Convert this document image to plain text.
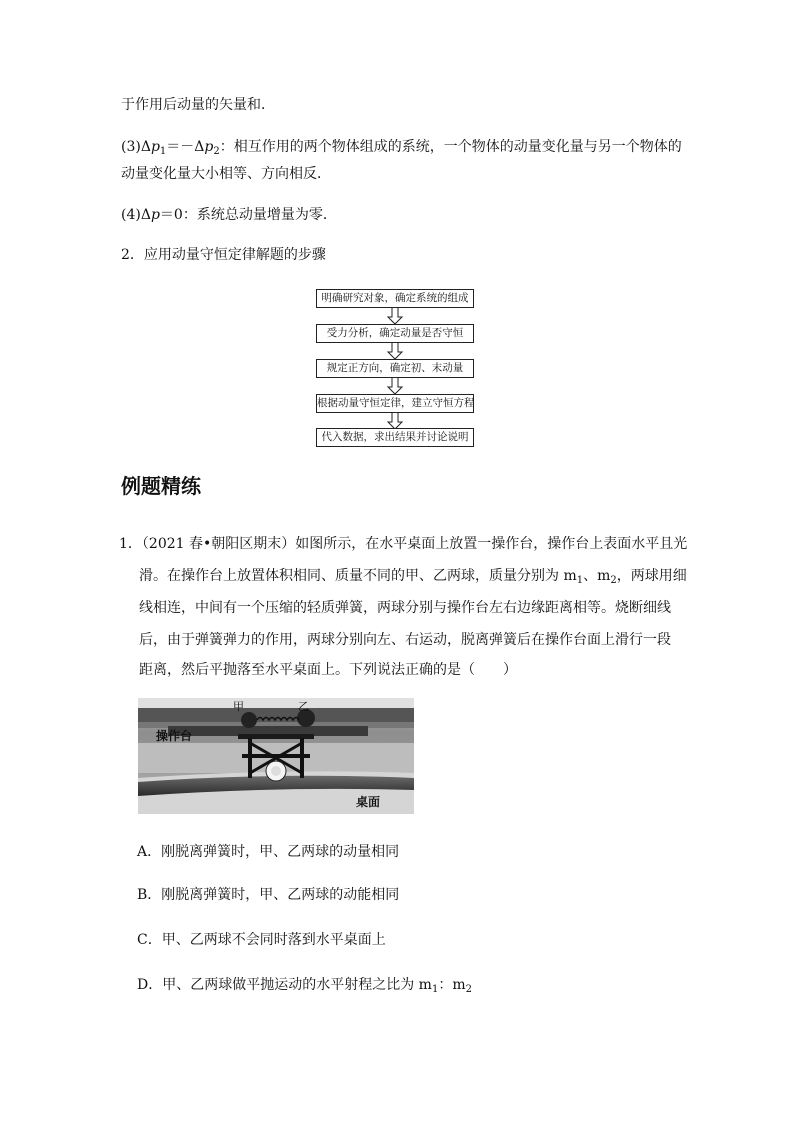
于作用后动量的矢量和．
$(3)\Delta p_1=-\Delta p_2$：相互作用的两个物体组成的系统，一个物体的动量变化量与另一个物体的
动量变化量大小相等、方向相反．
(4)Δp＝0：系统总动量增量为零．
2．应用动量守恒定律解题的步骤
明确研究对象，确定系统的组成
受力分析，确定动量是否守恒
规定正方向，确定初、末动量
根据动量守恒定律，建立守恒方程
代入数据，求出结果并讨论说明
例题精练
1．（2021 春•朝阳区期末）如图所示，在水平桌面上放置一操作台，操作台上表面水平且光
滑。在操作台上放置体积相同、质量不同的甲、乙两球，质量分别为 $m_1$、$m_2$，两球用细
线相连，中间有一个压缩的轻质弹簧，两球分别与操作台左右边缘距离相等。烧断细线
后，由于弹簧弹力的作用，两球分别向左、右运动，脱离弹簧后在操作台面上滑行一段
距离，然后平抛落至水平桌面上。下列说法正确的是（　　）
甲	乙
操作台
桌面
A．刚脱离弹簧时，甲、乙两球的动量相同
B．刚脱离弹簧时，甲、乙两球的动能相同
C．甲、乙两球不会同时落到水平桌面上
D．甲、乙两球做平抛运动的水平射程之比为 $m_1$：$m_2$
